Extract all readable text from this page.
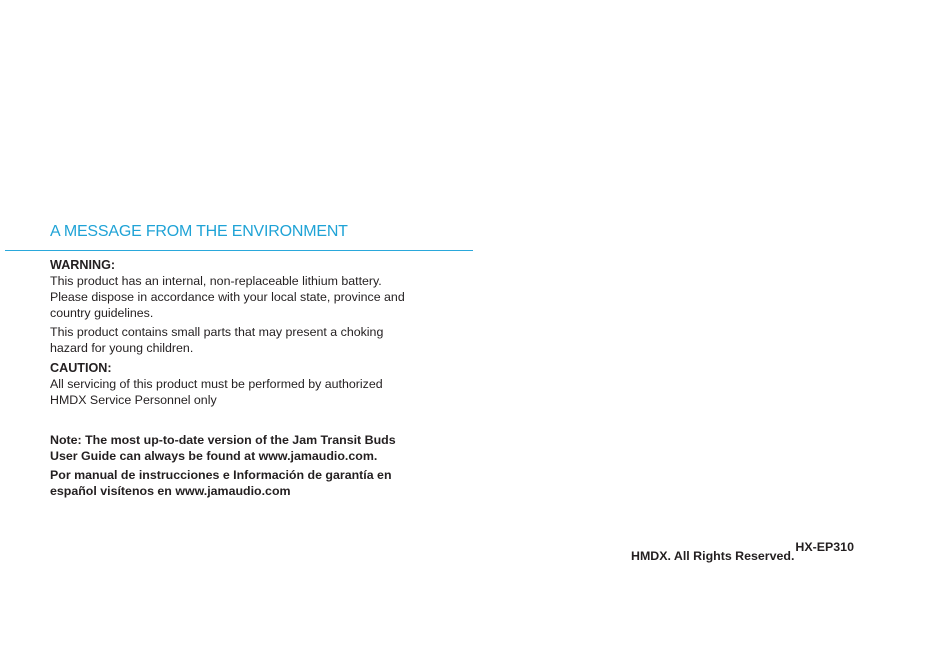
A MESSAGE FROM THE ENVIRONMENT

WARNING:

This product has an internal, non-replaceable lithium battery.

Please dispose in accordance with your local state, province and

country guidelines.

This product contains small parts that may present a choking

hazard for young children.

CAUTION:

All servicing of this product must be performed by authorized

HMDX Service Personnel only

Note: The most up-to-date version of the Jam Transit Buds

User Guide can always be found at www.jamaudio.com.

Por manual de instrucciones e Información de garantía en

español visítenos en www.jamaudio.com

HMDX. All Rights Reserved.
HX-EP310
